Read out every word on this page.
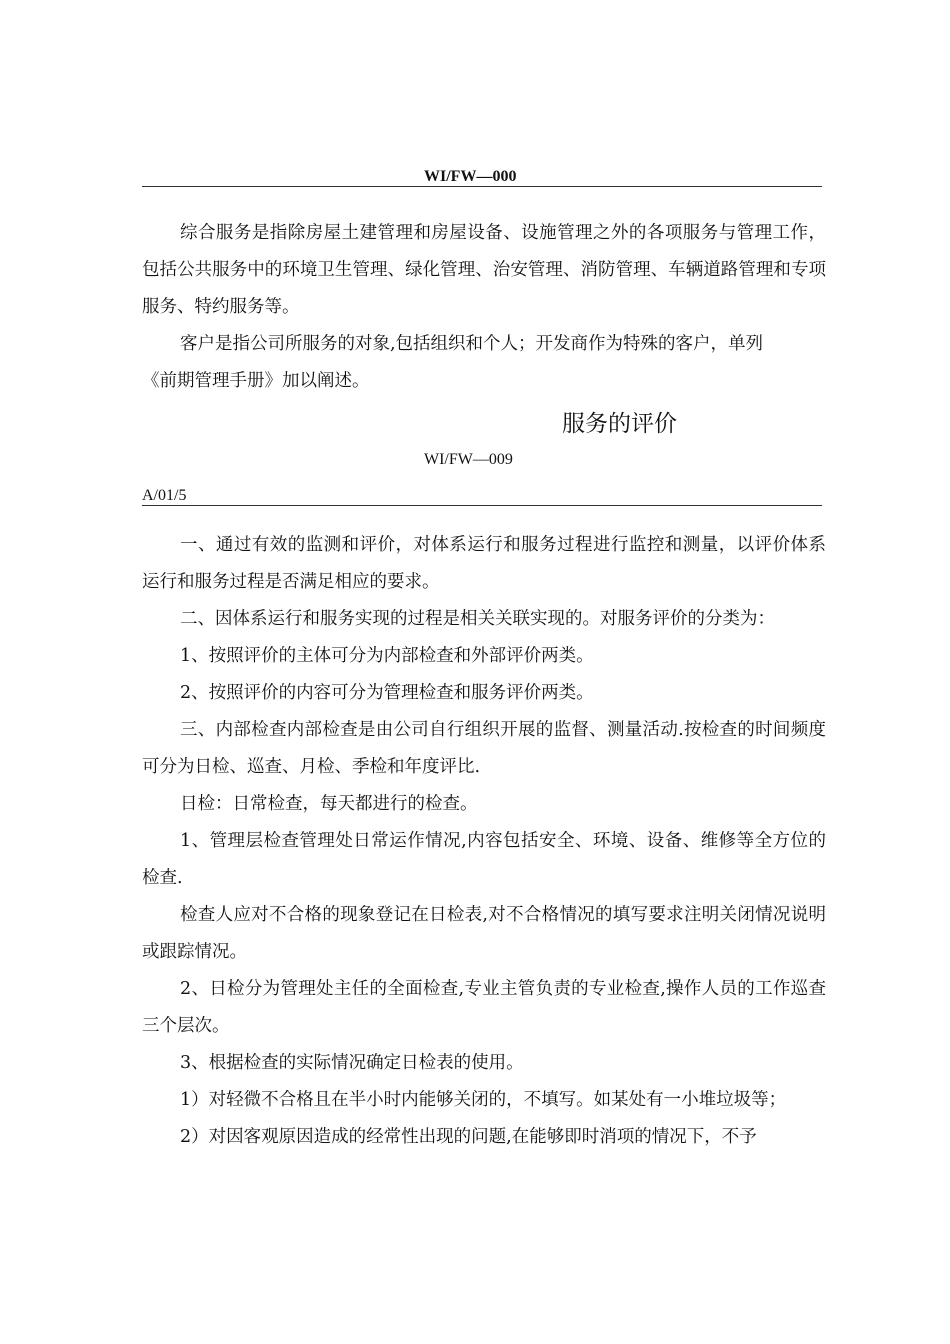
WI/FW—000

综合服务是指除房屋土建管理和房屋设备、设施管理之外的各项服务与管理工作，包括公共服务中的环境卫生管理、绿化管理、治安管理、消防管理、车辆道路管理和专项服务、特约服务等。

客户是指公司所服务的对象,包括组织和个人；开发商作为特殊的客户，单列

《前期管理手册》加以阐述。

服务的评价
WI/FW—009
A/01/5

一、通过有效的监测和评价，对体系运行和服务过程进行监控和测量，以评价体系运行和服务过程是否满足相应的要求。

二、因体系运行和服务实现的过程是相关关联实现的。对服务评价的分类为：

1、按照评价的主体可分为内部检查和外部评价两类。

2、按照评价的内容可分为管理检查和服务评价两类。

三、内部检查内部检查是由公司自行组织开展的监督、测量活动.按检查的时间频度可分为日检、巡查、月检、季检和年度评比.

日检：日常检查，每天都进行的检查。

1、管理层检查管理处日常运作情况,内容包括安全、环境、设备、维修等全方位的检查.

检查人应对不合格的现象登记在日检表,对不合格情况的填写要求注明关闭情况说明或跟踪情况。

2、日检分为管理处主任的全面检查,专业主管负责的专业检查,操作人员的工作巡查三个层次。

3、根据检查的实际情况确定日检表的使用。

1）对轻微不合格且在半小时内能够关闭的，不填写。如某处有一小堆垃圾等；

2）对因客观原因造成的经常性出现的问题,在能够即时消项的情况下，不予
